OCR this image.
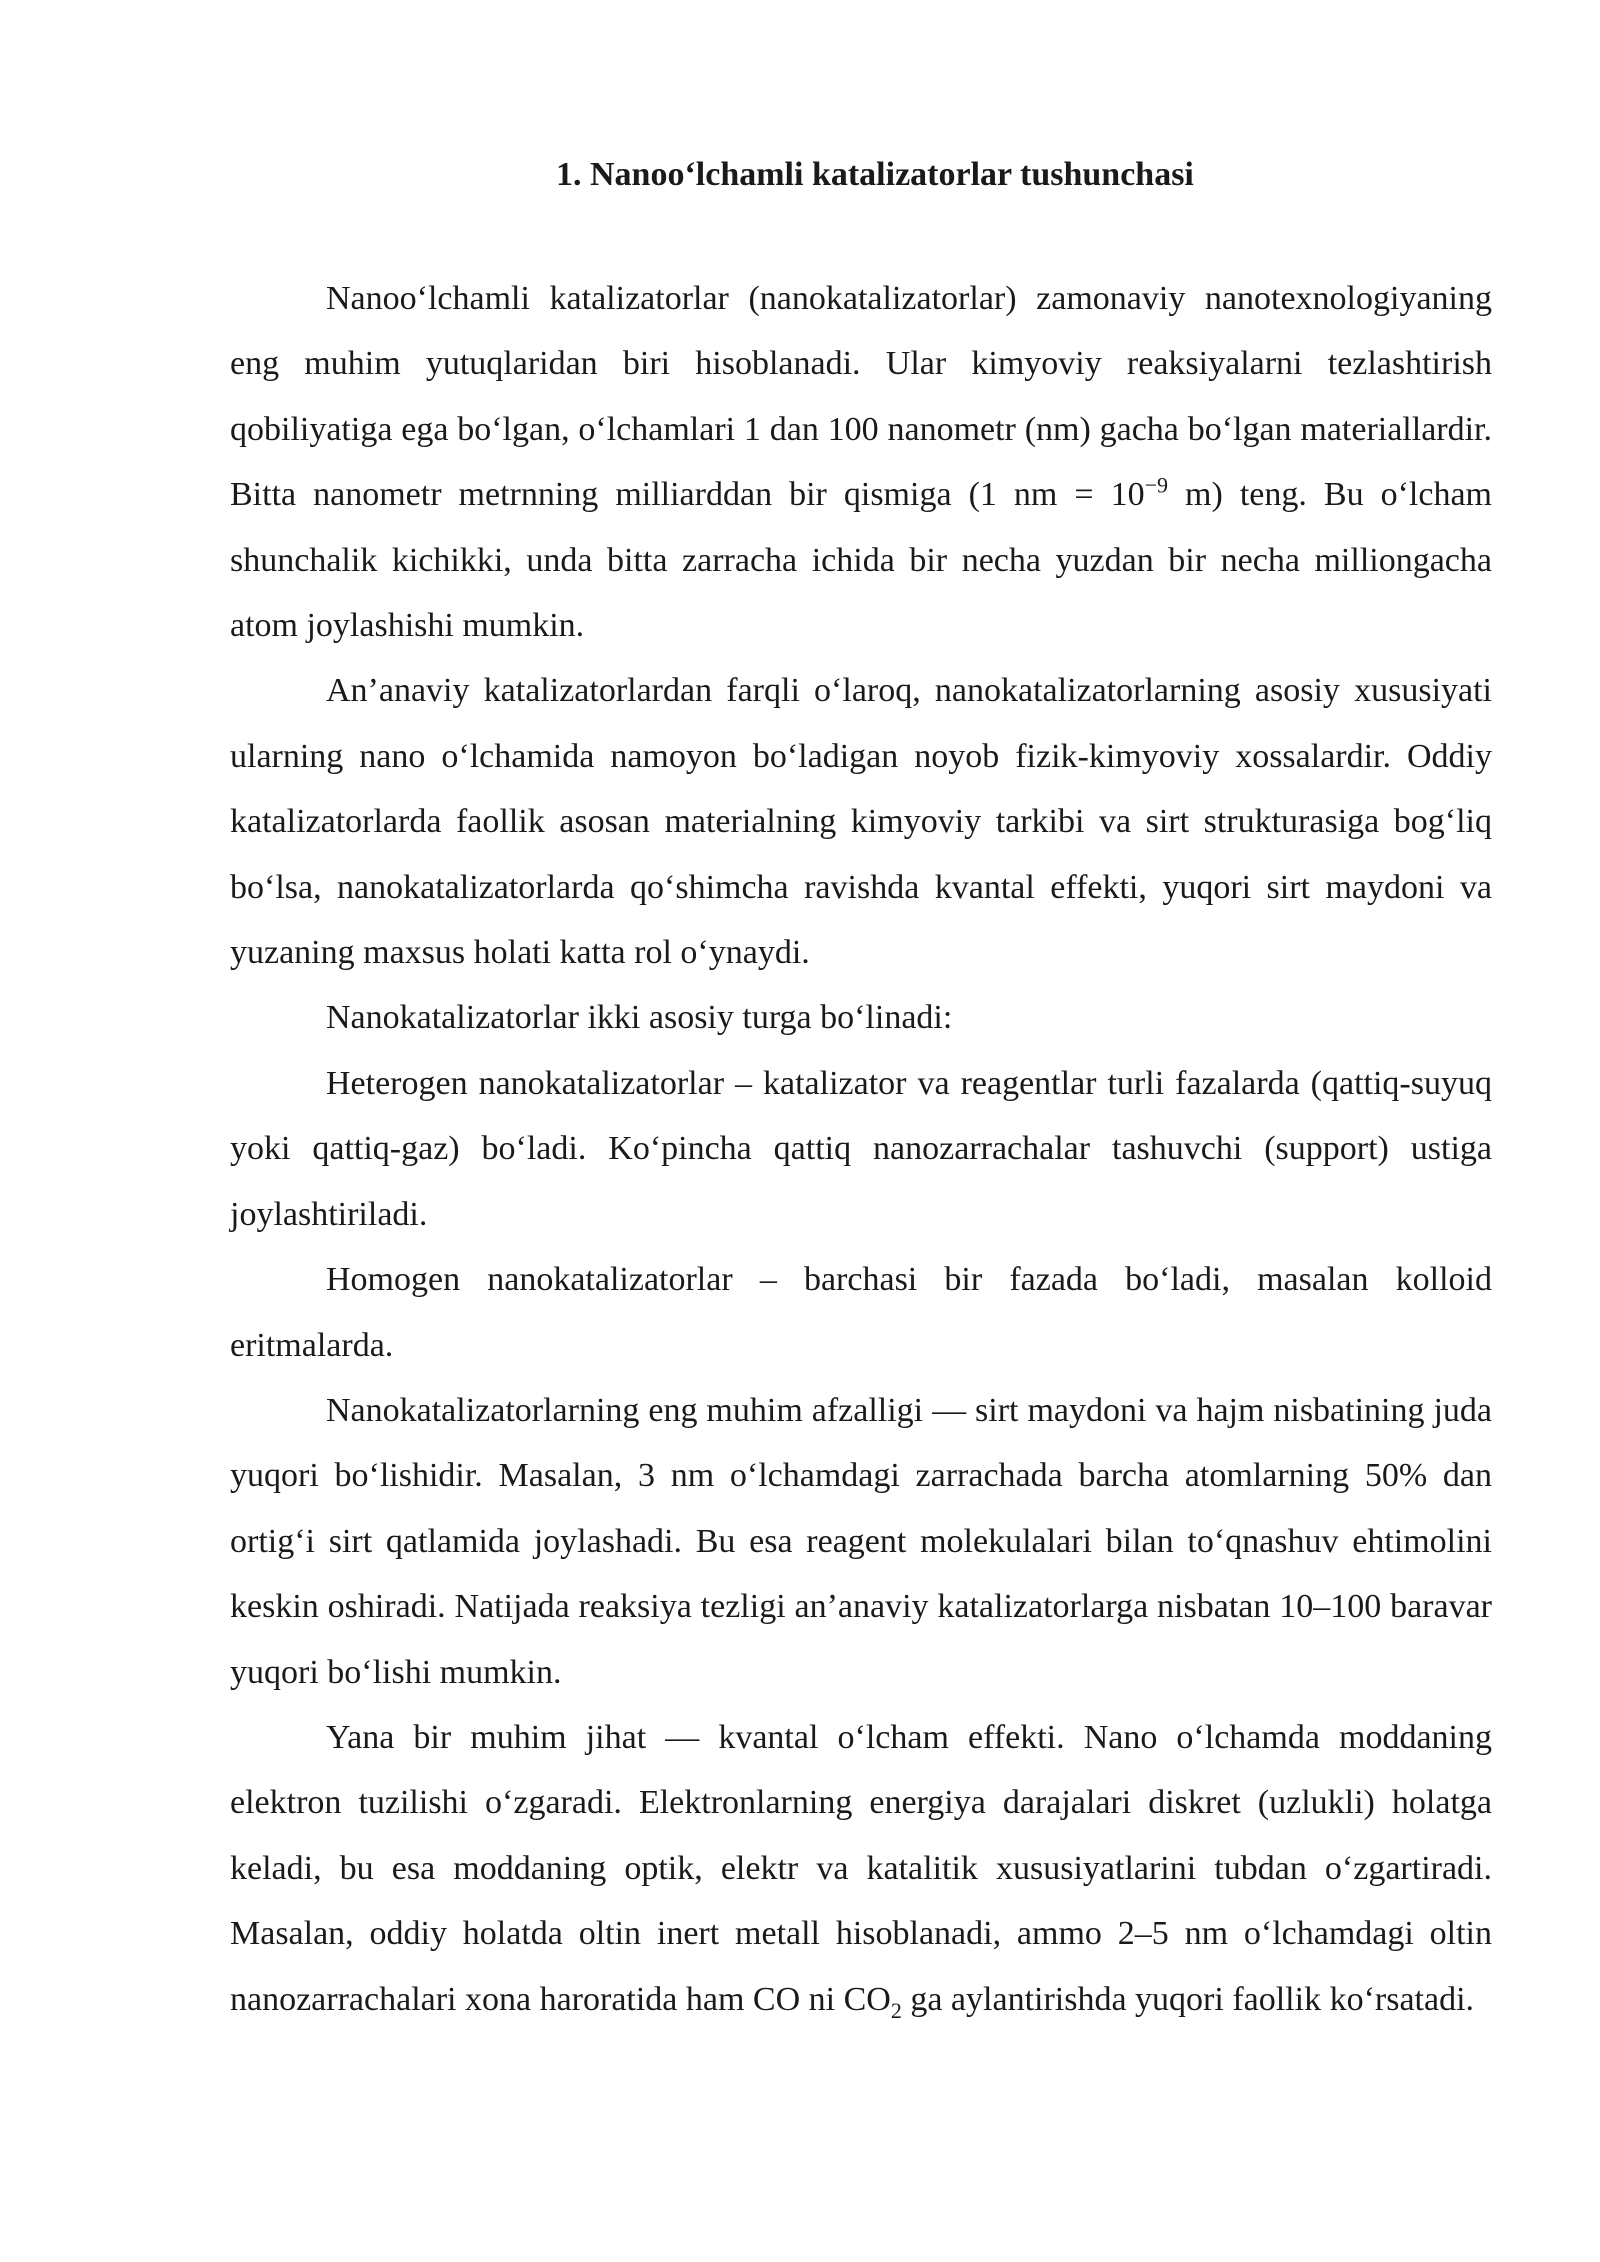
1. Nanoo‘lchamli katalizatorlar tushunchasi

Nanoo‘lchamli katalizatorlar (nanokatalizatorlar) zamonaviy nanotexnologiyaning eng muhim yutuqlaridan biri hisoblanadi. Ular kimyoviy reaksiyalarni tezlashtirish qobiliyatiga ega bo‘lgan, o‘lchamlari 1 dan 100 nanometr (nm) gacha bo‘lgan materiallardir. Bitta nanometr metrnning milliarddan bir qismiga (1 nm = $10^{-9}$ m) teng. Bu o‘lcham shunchalik kichikki, unda bitta zarracha ichida bir necha yuzdan bir necha milliongacha atom joylashishi mumkin.

An’anaviy katalizatorlardan farqli o‘laroq, nanokatalizatorlarning asosiy xususiyati ularning nano o‘lchamida namoyon bo‘ladigan noyob fizik-kimyoviy xossalardir. Oddiy katalizatorlarda faollik asosan materialning kimyoviy tarkibi va sirt strukturasiga bog‘liq bo‘lsa, nanokatalizatorlarda qo‘shimcha ravishda kvantal effekti, yuqori sirt maydoni va yuzaning maxsus holati katta rol o‘ynaydi.

Nanokatalizatorlar ikki asosiy turga bo‘linadi:

Heterogen nanokatalizatorlar – katalizator va reagentlar turli fazalarda (qattiq-suyuq yoki qattiq-gaz) bo‘ladi. Ko‘pincha qattiq nanozarrachalar tashuvchi (support) ustiga joylashtiriladi.

Homogen nanokatalizatorlar – barchasi bir fazada bo‘ladi, masalan kolloid eritmalarda.

Nanokatalizatorlarning eng muhim afzalligi — sirt maydoni va hajm nisbatining juda yuqori bo‘lishidir. Masalan, 3 nm o‘lchamdagi zarrachada barcha atomlarning 50% dan ortig‘i sirt qatlamida joylashadi. Bu esa reagent molekulalari bilan to‘qnashuv ehtimolini keskin oshiradi. Natijada reaksiya tezligi an’anaviy katalizatorlarga nisbatan 10–100 baravar yuqori bo‘lishi mumkin.

Yana bir muhim jihat — kvantal o‘lcham effekti. Nano o‘lchamda moddaning elektron tuzilishi o‘zgaradi. Elektronlarning energiya darajalari diskret (uzlukli) holatga keladi, bu esa moddaning optik, elektr va katalitik xususiyatlarini tubdan o‘zgartiradi. Masalan, oddiy holatda oltin inert metall hisoblanadi, ammo 2–5 nm o‘lchamdagi oltin nanozarrachalari xona haroratida ham CO ni $CO_2$ ga aylantirishda yuqori faollik ko‘rsatadi.
